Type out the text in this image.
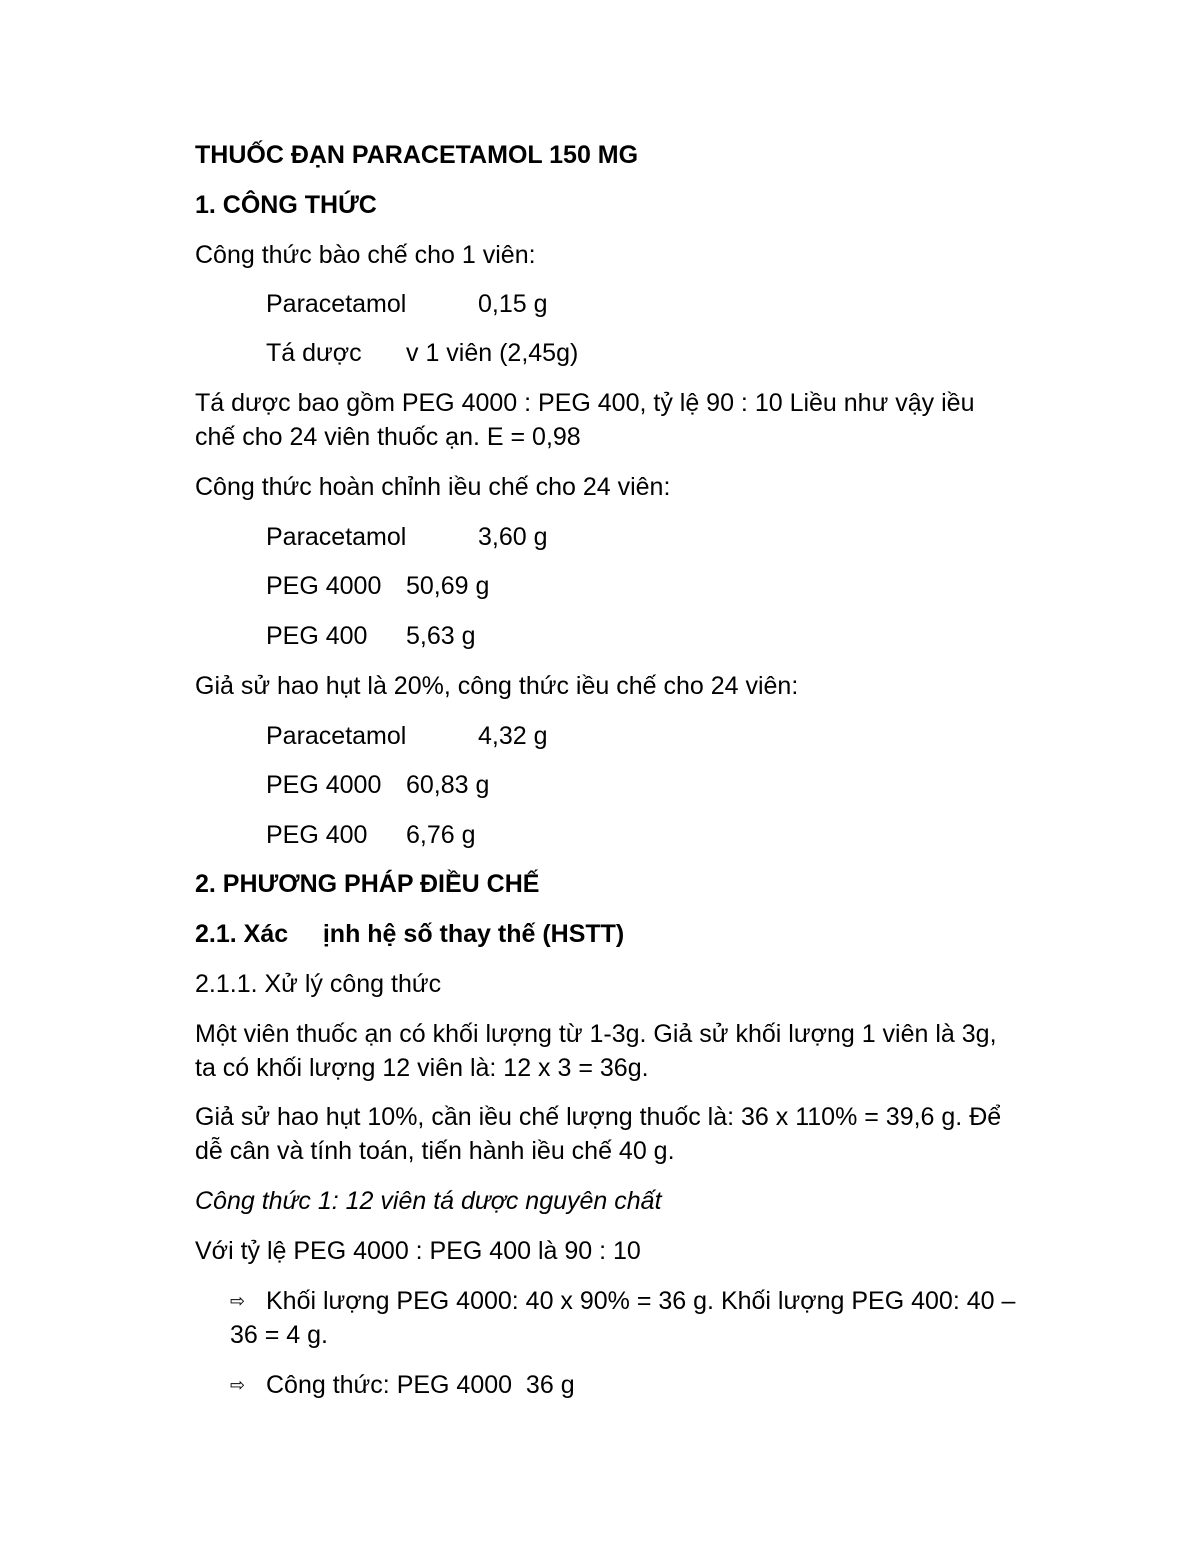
THUỐC ĐẠN PARACETAMOL 150 MG
1. CÔNG THỨC
Công thức bào chế cho 1 viên:
Paracetamol	0,15 g
Tá dược v 1 viên (2,45g)
Tá dược bao gồm PEG 4000 : PEG 400, tỷ lệ 90 : 10 Liều như vậy iều
chế cho 24 viên thuốc ạn. E = 0,98
Công thức hoàn chỉnh iều chế cho 24 viên:
Paracetamol	3,60 g
PEG 4000 50,69 g
PEG 400 5,63 g
Giả sử hao hụt là 20%, công thức iều chế cho 24 viên:
Paracetamol	4,32 g
PEG 4000 60,83 g
PEG 400 6,76 g
2. PHƯƠNG PHÁP ĐIỀU CHẾ
2.1. Xác     ịnh hệ số thay thế (HSTT)
2.1.1. Xử lý công thức
Một viên thuốc ạn có khối lượng từ 1-3g. Giả sử khối lượng 1 viên là 3g,
ta có khối lượng 12 viên là: 12 x 3 = 36g.
Giả sử hao hụt 10%, cần iều chế lượng thuốc là: 36 x 110% = 39,6 g. Để
dễ cân và tính toán, tiến hành iều chế 40 g.
Công thức 1: 12 viên tá dược nguyên chất
Với tỷ lệ PEG 4000 : PEG 400 là 90 : 10
⇨ Khối lượng PEG 4000: 40 x 90% = 36 g. Khối lượng PEG 400: 40 –
36 = 4 g.
⇨ Công thức: PEG 4000  36 g
